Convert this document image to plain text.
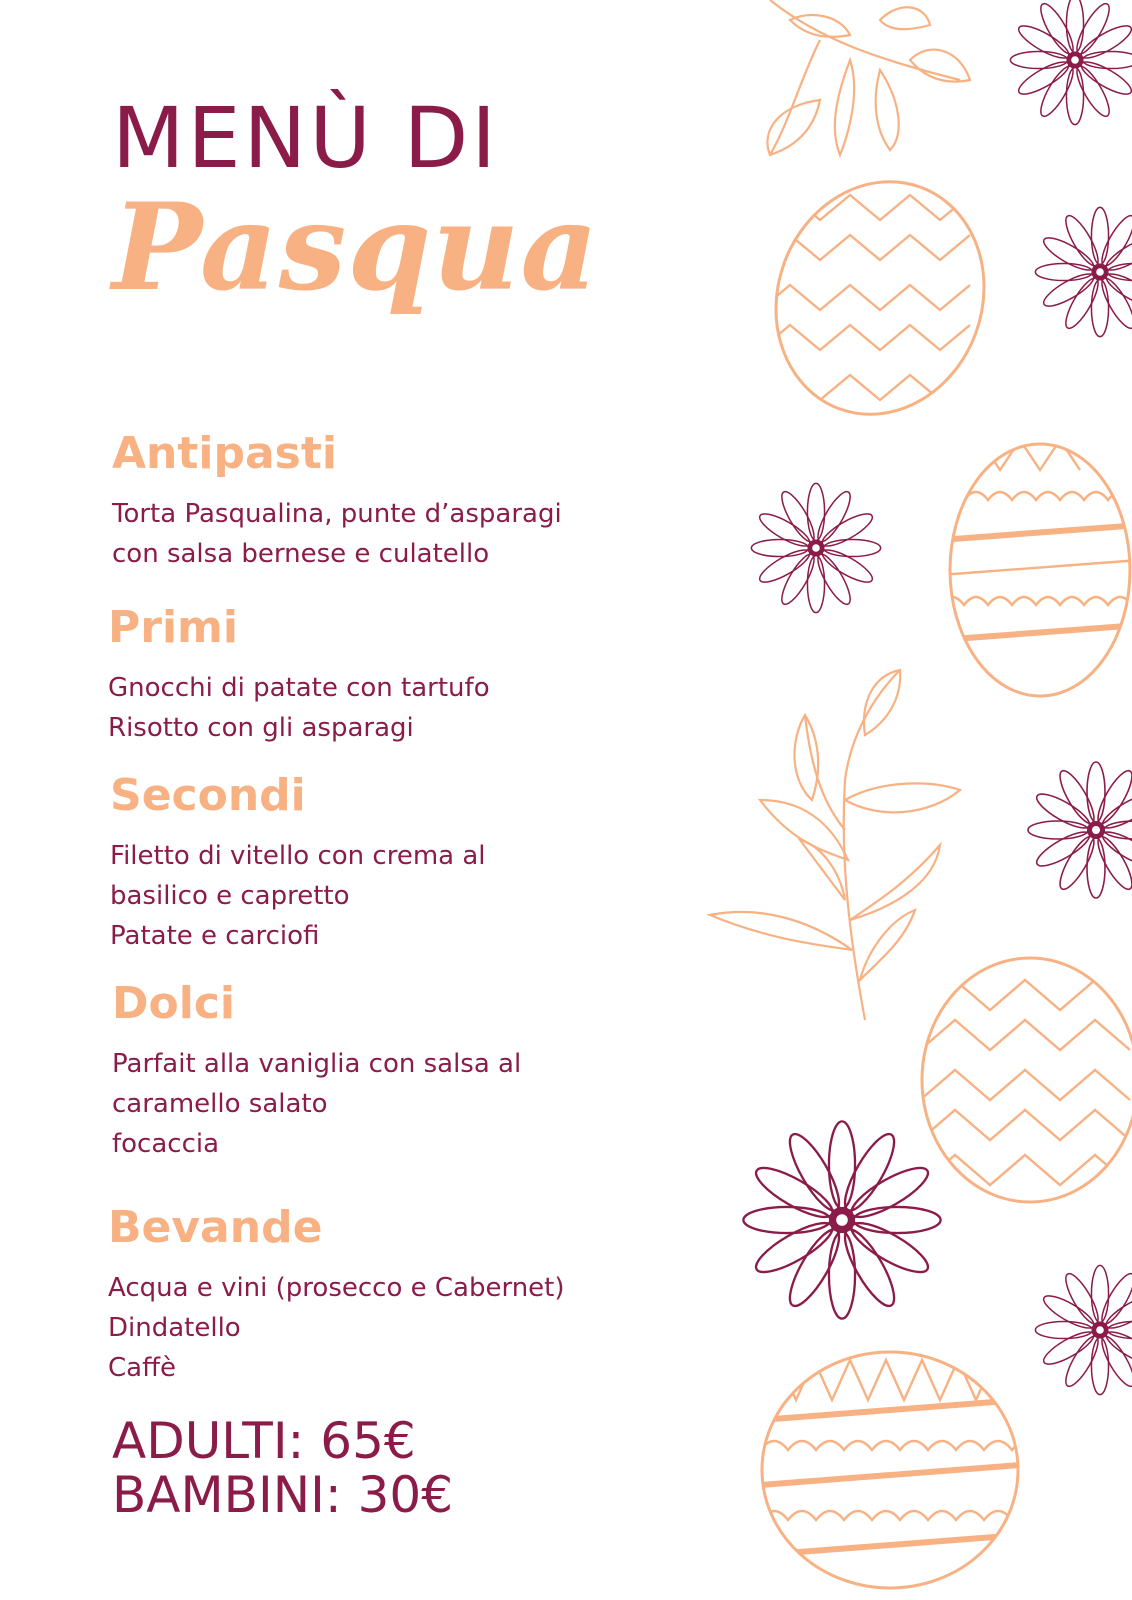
MENÙ DI
Pasqua
Antipasti
Torta Pasqualina, punte d’asparagi
con salsa bernese e culatello
Primi
Gnocchi di patate con tartufo
Risotto con gli asparagi
Secondi
Filetto di vitello con crema al
basilico e capretto
Patate e carciofi
Dolci
Parfait alla vaniglia con salsa al
caramello salato
focaccia
Bevande
Acqua e vini (prosecco e Cabernet)
Dindatello
Caffè
ADULTI: 65€
BAMBINI: 30€
